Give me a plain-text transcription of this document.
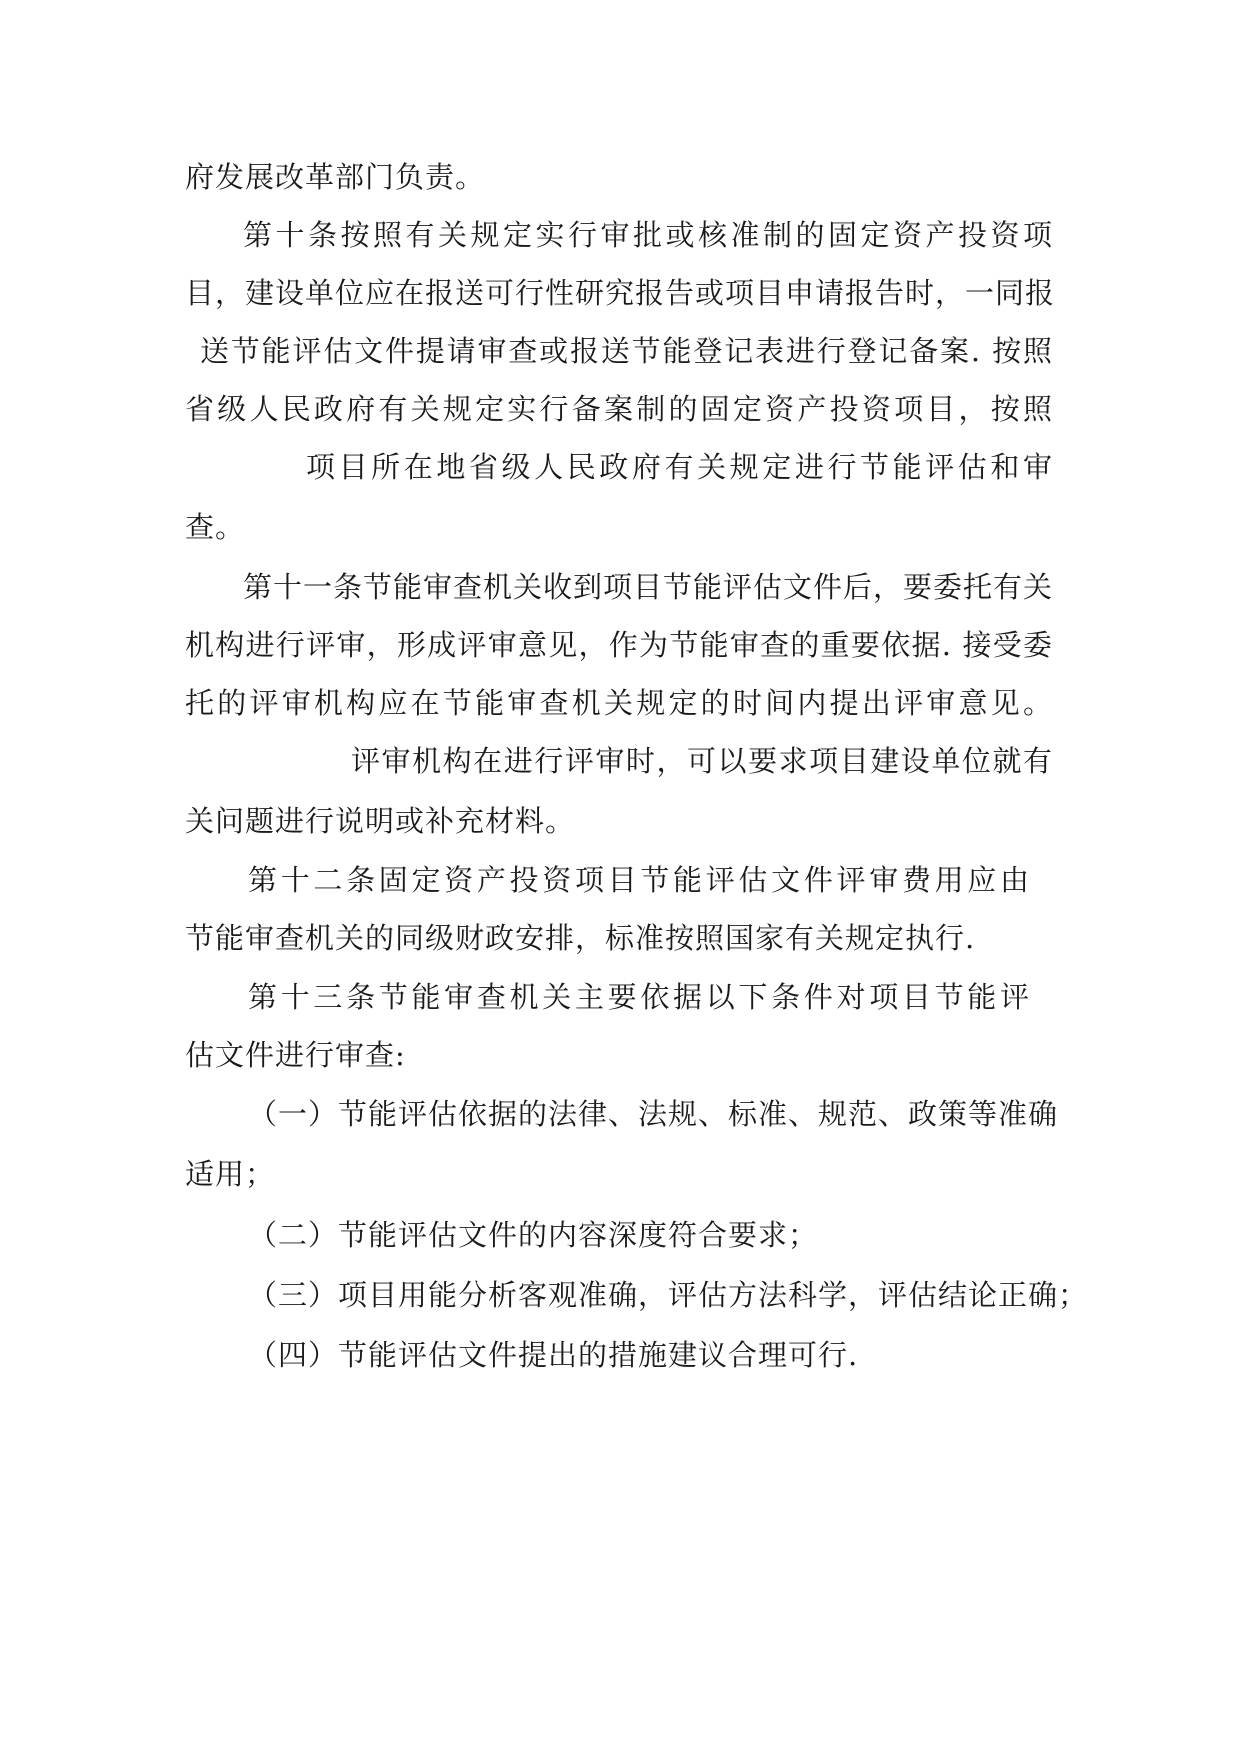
府发展改革部门负责。
第十条按照有关规定实行审批或核准制的固定资产投资项
目，建设单位应在报送可行性研究报告或项目申请报告时，一同报
送节能评估文件提请审查或报送节能登记表进行登记备案. 按照
省级人民政府有关规定实行备案制的固定资产投资项目，按照
项目所在地省级人民政府有关规定进行节能评估和审
查。
第十一条节能审查机关收到项目节能评估文件后，要委托有关
机构进行评审，形成评审意见，作为节能审查的重要依据. 接受委
托的评审机构应在节能审查机关规定的时间内提出评审意见。
评审机构在进行评审时，可以要求项目建设单位就有
关问题进行说明或补充材料。
第十二条固定资产投资项目节能评估文件评审费用应由
节能审查机关的同级财政安排，标准按照国家有关规定执行.
第十三条节能审查机关主要依据以下条件对项目节能评
估文件进行审查:
（一）节能评估依据的法律、法规、标准、规范、政策等准确
适用；
（二）节能评估文件的内容深度符合要求；
（三）项目用能分析客观准确，评估方法科学，评估结论正确；
（四）节能评估文件提出的措施建议合理可行.
